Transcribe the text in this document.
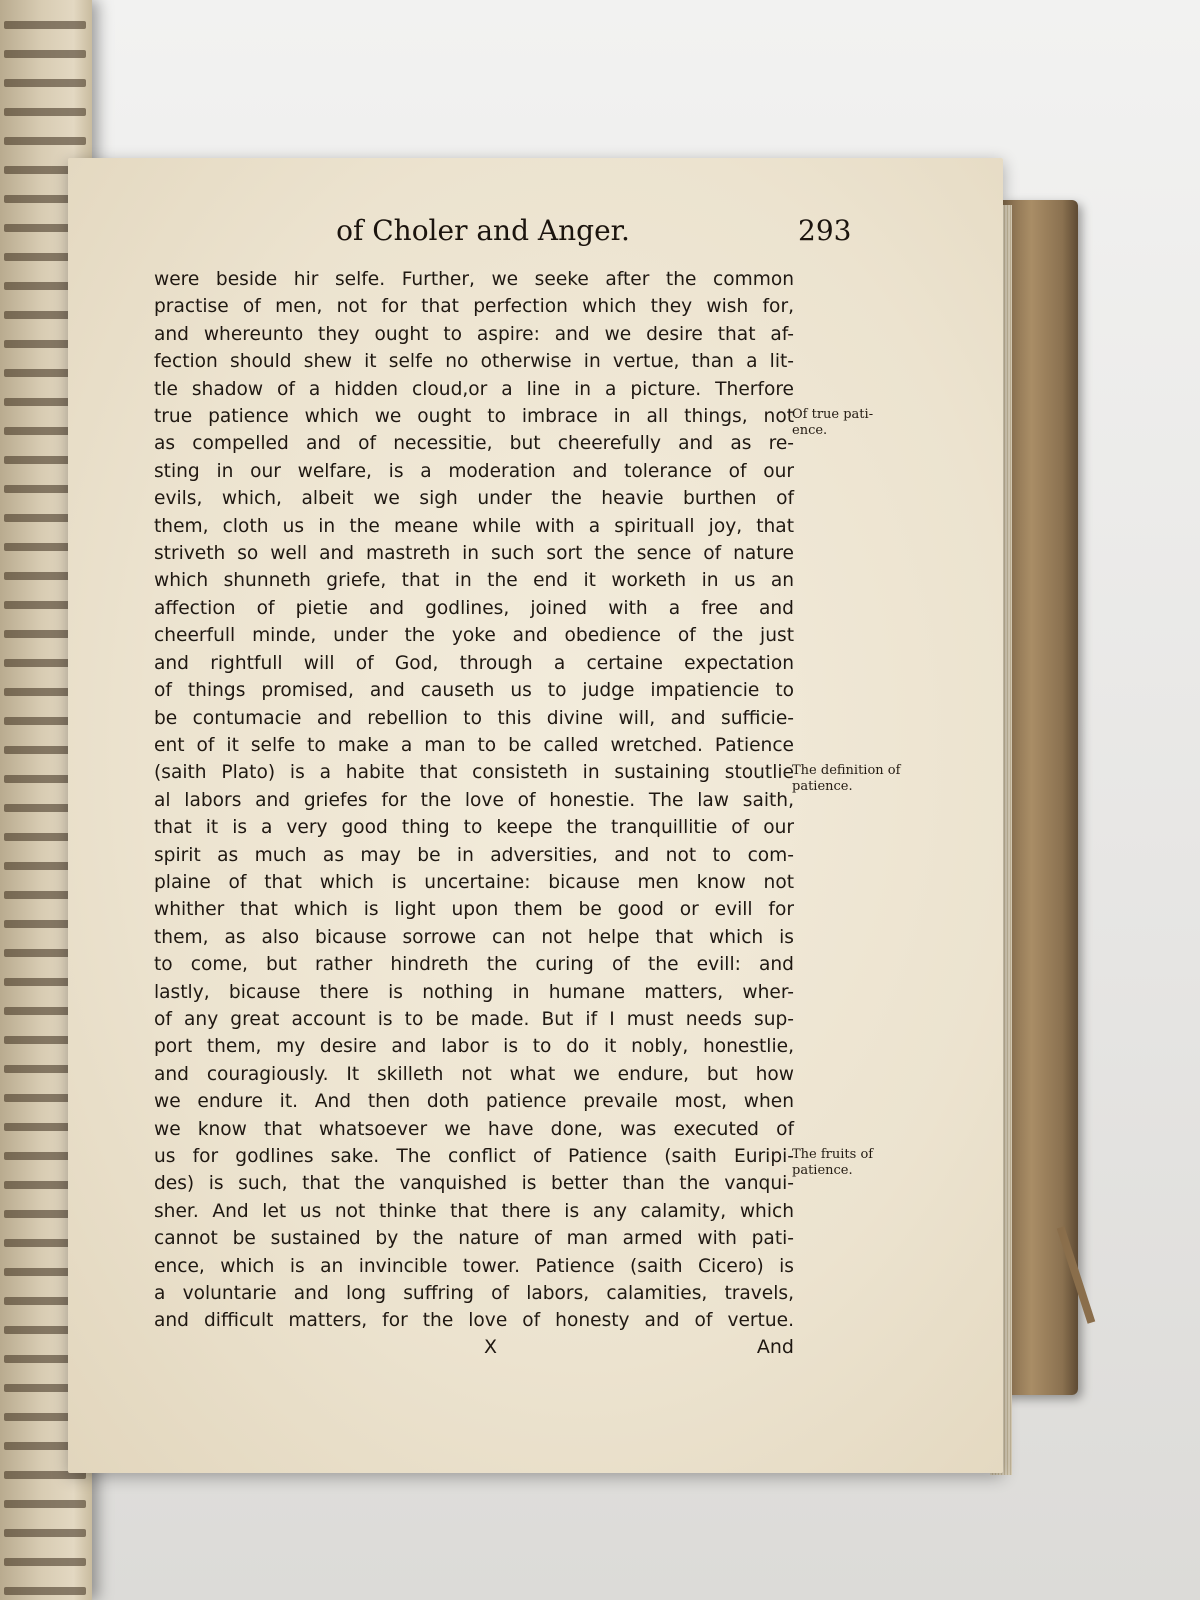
of Choler and Anger.	293
were beside hir selfe. Further, we seeke after the common
practise of men, not for that perfection which they wish for,
and whereunto they ought to aspire: and we desire that af-
fection should shew it selfe no otherwise in vertue, than a lit-
tle shadow of a hidden cloud,or a line in a picture. Therfore
true patience which we ought to imbrace in all things, not
as compelled and of necessitie, but cheerefully and as re-
sting in our welfare, is a moderation and tolerance of our
evils, which, albeit we sigh under the heavie burthen of
them, cloth us in the meane while with a spirituall joy, that
striveth so well and mastreth in such sort the sence of nature
which shunneth griefe, that in the end it worketh in us an
affection of pietie and godlines, joined with a free and
cheerfull minde, under the yoke and obedience of the just
and rightfull will of God, through a certaine expectation
of things promised, and causeth us to judge impatiencie to
be contumacie and rebellion to this divine will, and sufficie-
ent of it selfe to make a man to be called wretched. Patience
(saith Plato) is a habite that consisteth in sustaining stoutlie
al labors and griefes for the love of honestie. The law saith,
that it is a very good thing to keepe the tranquillitie of our
spirit as much as may be in adversities, and not to com-
plaine of that which is uncertaine: bicause men know not
whither that which is light upon them be good or evill for
them, as also bicause sorrowe can not helpe that which is
to come, but rather hindreth the curing of the evill: and
lastly, bicause there is nothing in humane matters, wher-
of any great account is to be made. But if I must needs sup-
port them, my desire and labor is to do it nobly, honestlie,
and couragiously. It skilleth not what we endure, but how
we endure it. And then doth patience prevaile most, when
we know that whatsoever we have done, was executed of
us for godlines sake. The conflict of Patience (saith Euripi-
des) is such, that the vanquished is better than the vanqui-
sher. And let us not thinke that there is any calamity, which
cannot be sustained by the nature of man armed with pati-
ence, which is an invincible tower. Patience (saith Cicero) is
a voluntarie and long suffring of labors, calamities, travels,
and difficult matters, for the love of honesty and of vertue.
Of true pati-ence.
The definition of patience.
The fruits of patience.
X	And
